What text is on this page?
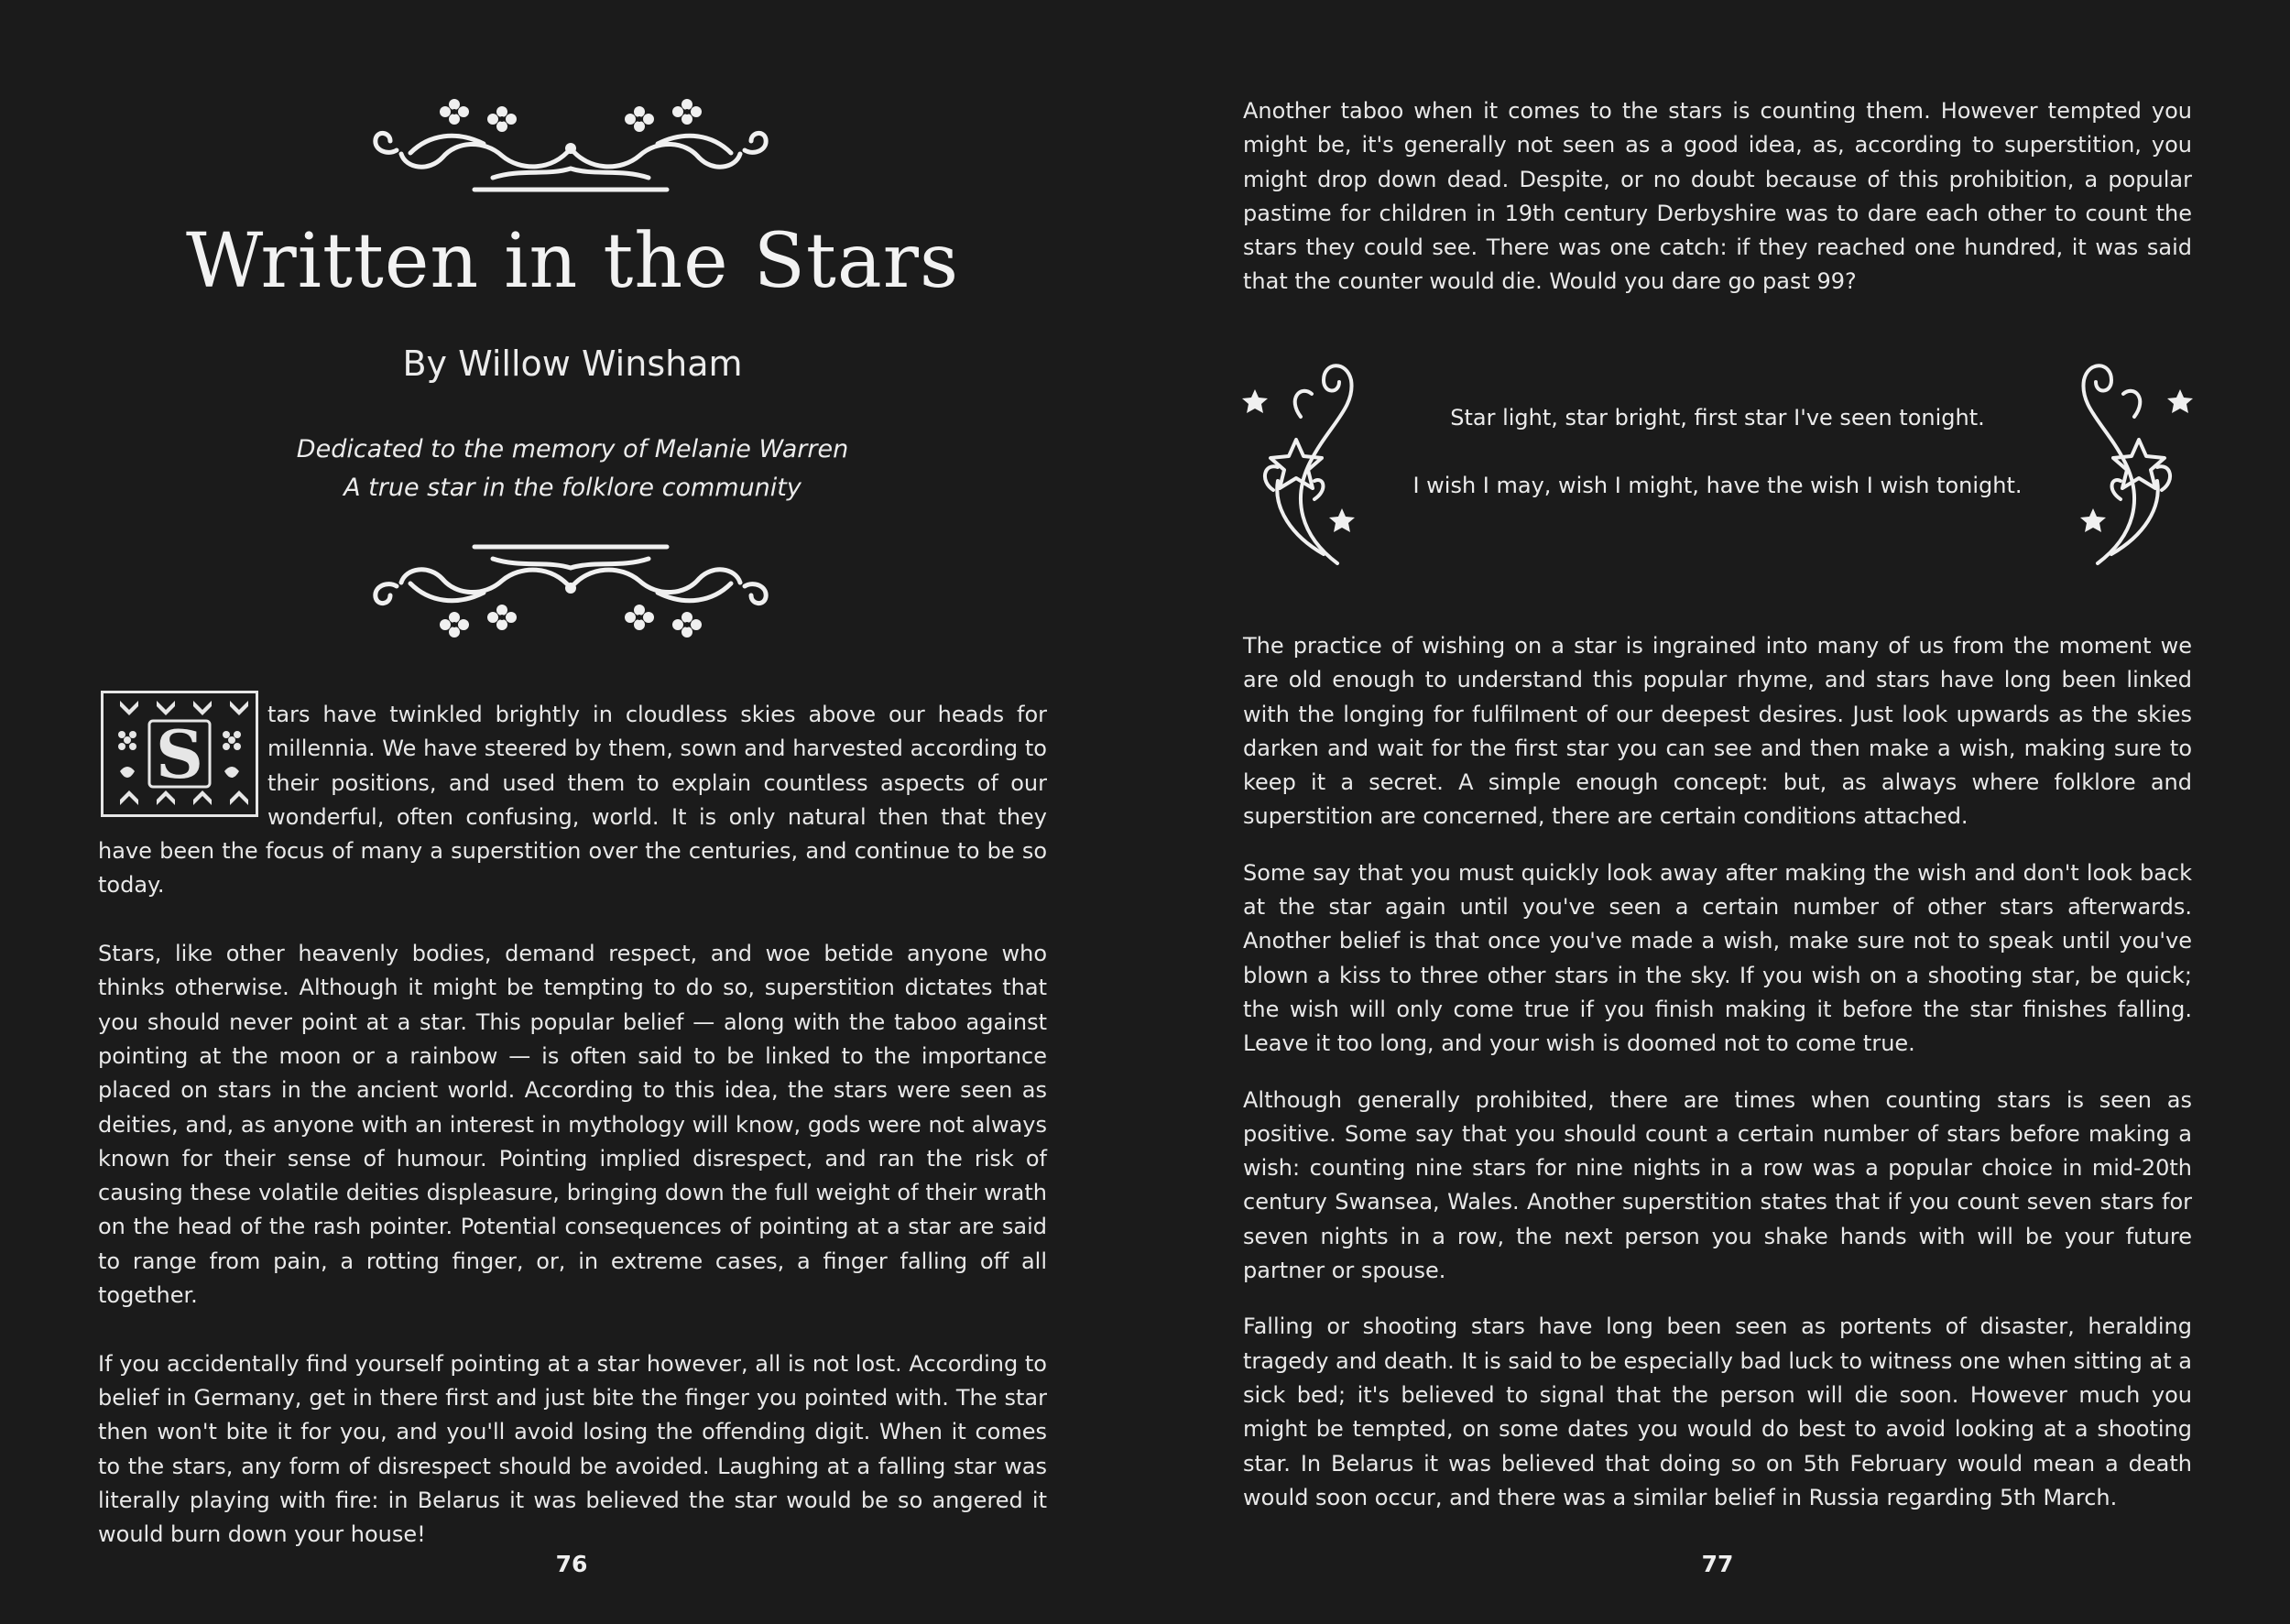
Written in the Stars

By Willow Winsham

Dedicated to the memory of Melanie Warren
A true star in the folklore community
S

tars have twinkled brightly in cloudless skies above our heads for millennia. We have steered by them, sown and harvested according to their positions, and used them to explain countless aspects of our wonderful, often confusing, world. It is only natural then that they have been the focus of many a superstition over the centuries, and continue to be so today.

Stars, like other heavenly bodies, demand respect, and woe betide anyone who thinks otherwise. Although it might be tempting to do so, superstition dictates that you should never point at a star. This popular belief — along with the taboo against pointing at the moon or a rainbow — is often said to be linked to the importance placed on stars in the ancient world. According to this idea, the stars were seen as deities, and, as anyone with an interest in mythology will know, gods were not always known for their sense of humour. Pointing implied disrespect, and ran the risk of causing these volatile deities displeasure, bringing down the full weight of their wrath on the head of the rash pointer. Potential consequences of pointing at a star are said to range from pain, a rotting finger, or, in extreme cases, a finger falling off all together.

If you accidentally find yourself pointing at a star however, all is not lost. According to belief in Germany, get in there first and just bite the finger you pointed with. The star then won't bite it for you, and you'll avoid losing the offending digit. When it comes to the stars, any form of disrespect should be avoided. Laughing at a falling star was literally playing with fire: in Belarus it was believed the star would be so angered it would burn down your house!

76

Another taboo when it comes to the stars is counting them. However tempted you might be, it's generally not seen as a good idea, as, according to superstition, you might drop down dead. Despite, or no doubt because of this prohibition, a popular pastime for children in 19th century Derbyshire was to dare each other to count the stars they could see. There was one catch: if they reached one hundred, it was said that the counter would die. Would you dare go past 99?

Star light, star bright, first star I've seen tonight.

I wish I may, wish I might, have the wish I wish tonight.

The practice of wishing on a star is ingrained into many of us from the moment we are old enough to understand this popular rhyme, and stars have long been linked with the longing for fulfilment of our deepest desires. Just look upwards as the skies darken and wait for the first star you can see and then make a wish, making sure to keep it a secret. A simple enough concept: but, as always where folklore and superstition are concerned, there are certain conditions attached.

Some say that you must quickly look away after making the wish and don't look back at the star again until you've seen a certain number of other stars afterwards. Another belief is that once you've made a wish, make sure not to speak until you've blown a kiss to three other stars in the sky. If you wish on a shooting star, be quick; the wish will only come true if you finish making it before the star finishes falling. Leave it too long, and your wish is doomed not to come true.

Although generally prohibited, there are times when counting stars is seen as positive. Some say that you should count a certain number of stars before making a wish: counting nine stars for nine nights in a row was a popular choice in mid-20th century Swansea, Wales. Another superstition states that if you count seven stars for seven nights in a row, the next person you shake hands with will be your future partner or spouse.

Falling or shooting stars have long been seen as portents of disaster, heralding tragedy and death. It is said to be especially bad luck to witness one when sitting at a sick bed; it's believed to signal that the person will die soon. However much you might be tempted, on some dates you would do best to avoid looking at a shooting star. In Belarus it was believed that doing so on 5th February would mean a death would soon occur, and there was a similar belief in Russia regarding 5th March.

77
